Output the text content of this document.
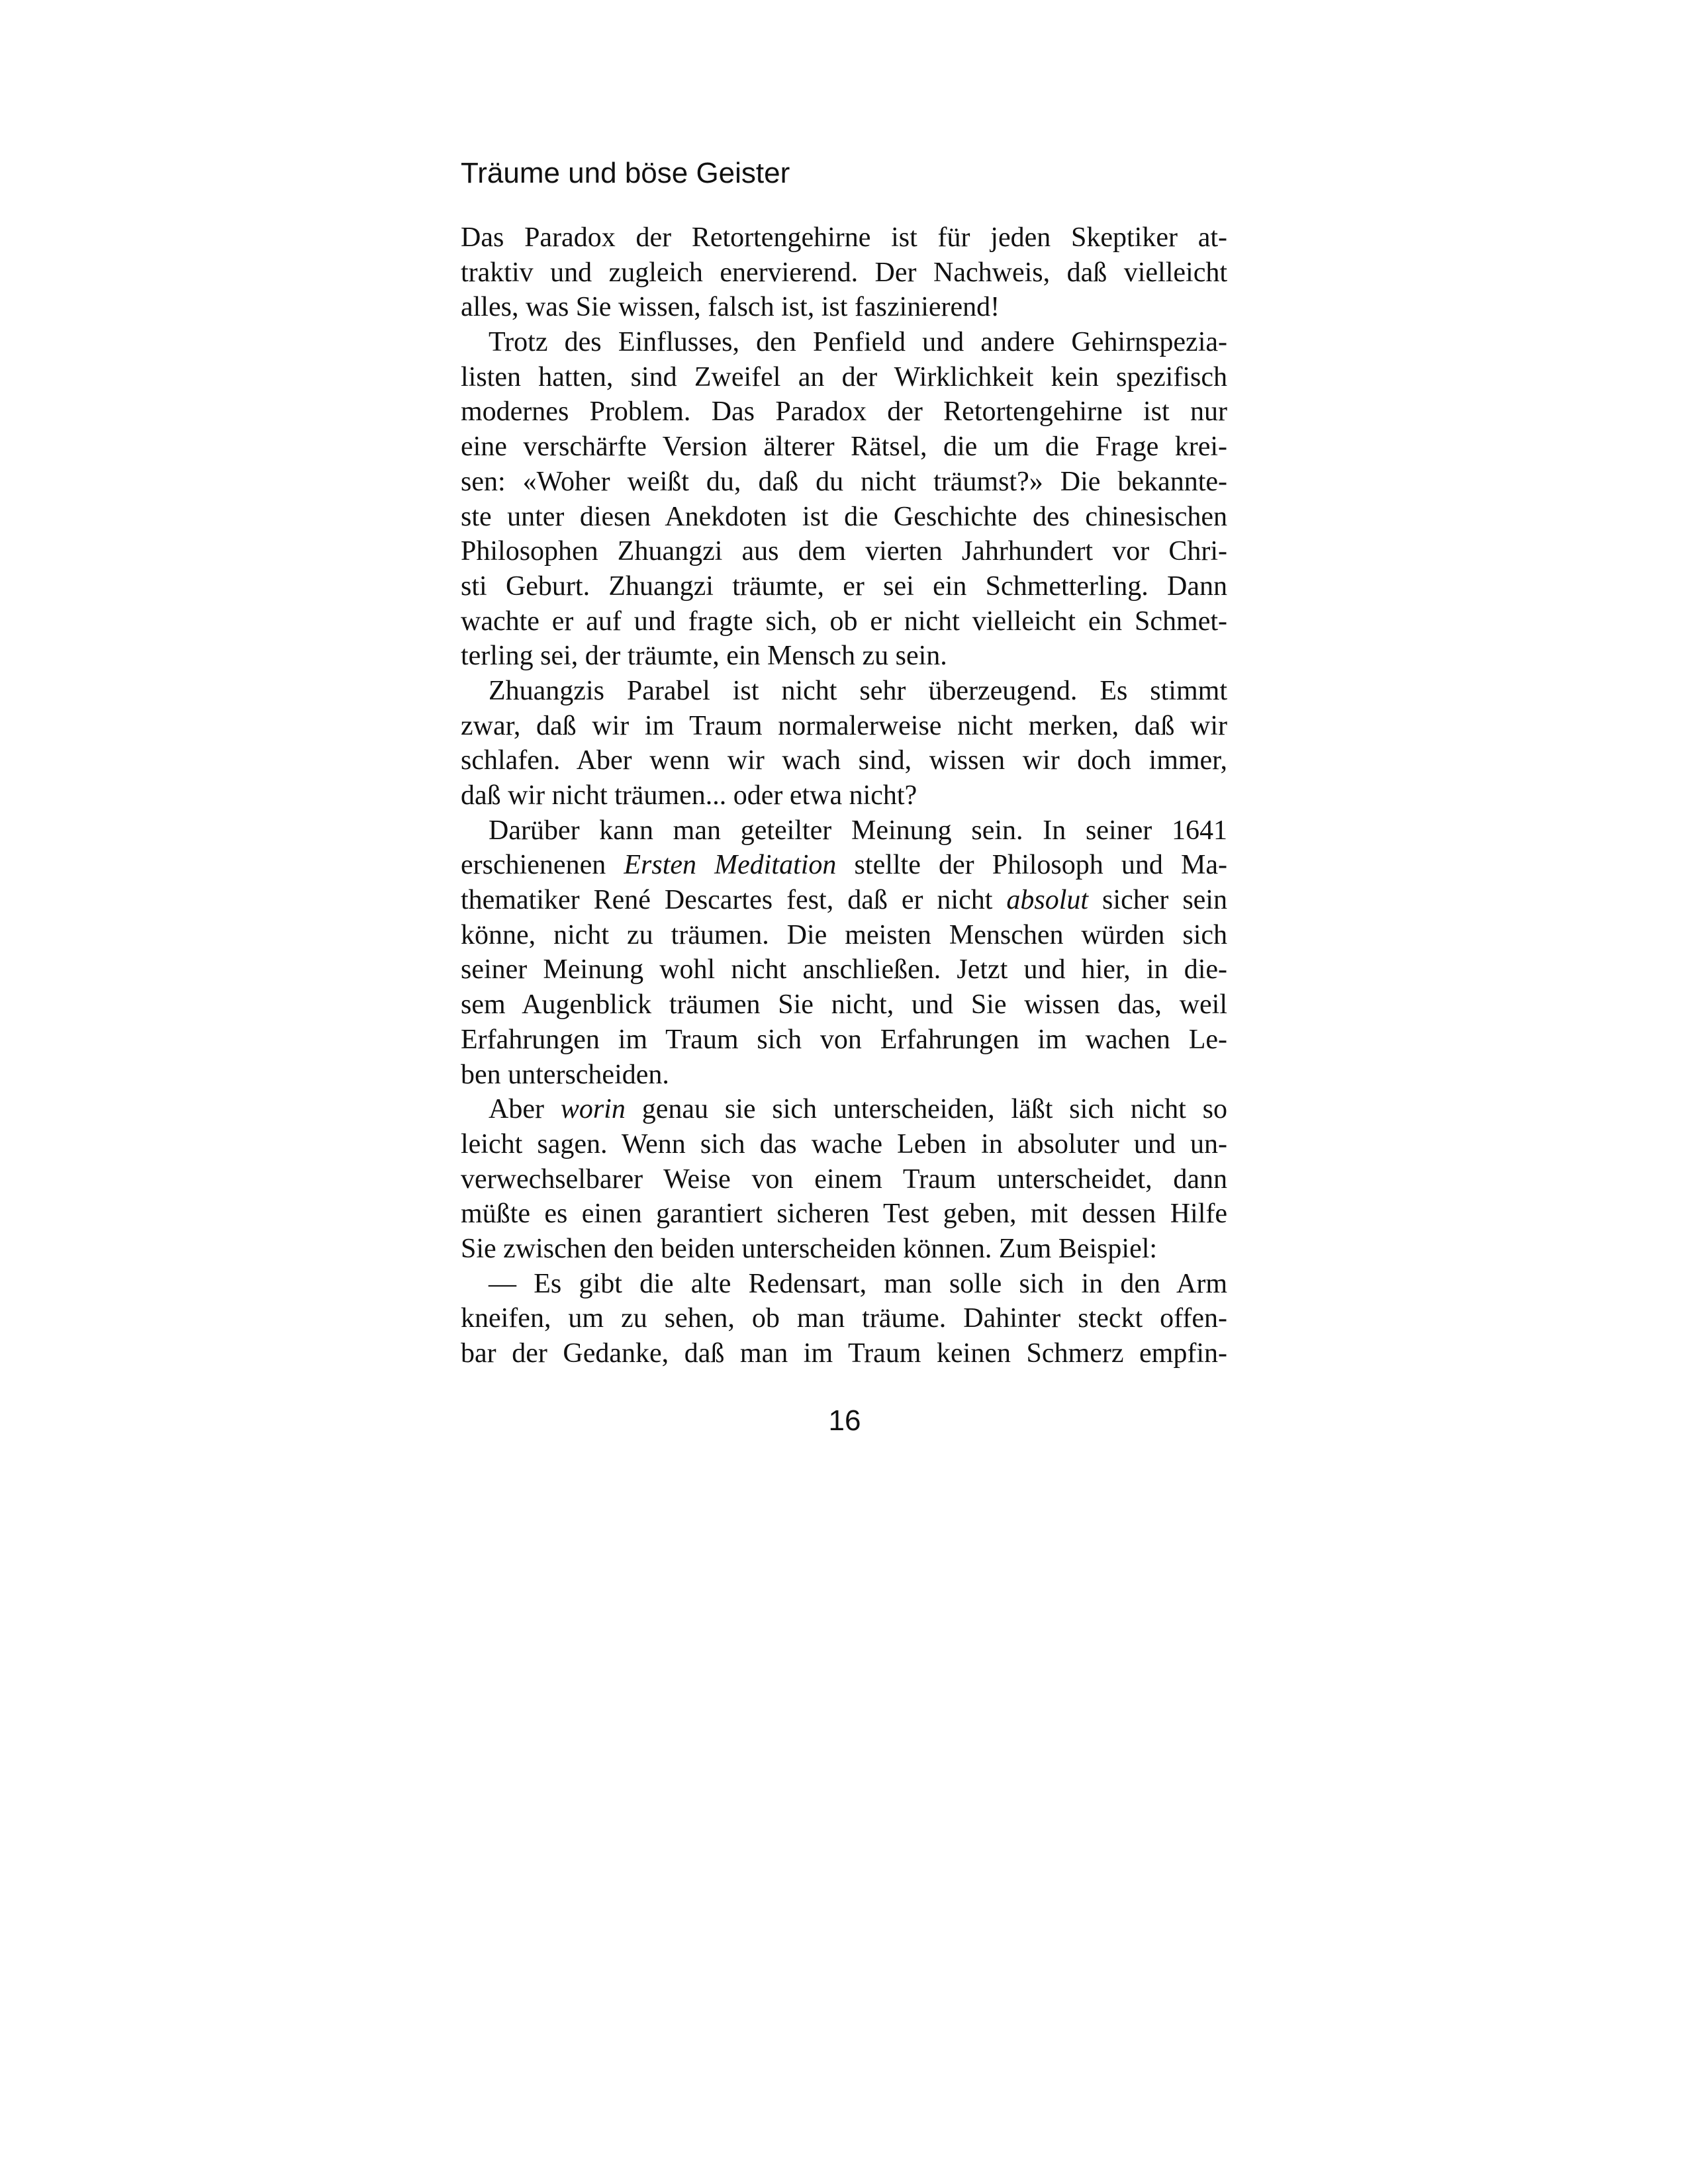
Träume und böse Geister
Das Paradox der Retortengehirne ist für jeden Skeptiker at-
traktiv und zugleich enervierend. Der Nachweis, daß vielleicht
alles, was Sie wissen, falsch ist, ist faszinierend!
Trotz des Einflusses, den Penfield und andere Gehirnspezia-
listen hatten, sind Zweifel an der Wirklichkeit kein spezifisch
modernes Problem. Das Paradox der Retortengehirne ist nur
eine verschärfte Version älterer Rätsel, die um die Frage krei-
sen: «Woher weißt du, daß du nicht träumst?» Die bekannte-
ste unter diesen Anekdoten ist die Geschichte des chinesischen
Philosophen Zhuangzi aus dem vierten Jahrhundert vor Chri-
sti Geburt. Zhuangzi träumte, er sei ein Schmetterling. Dann
wachte er auf und fragte sich, ob er nicht vielleicht ein Schmet-
terling sei, der träumte, ein Mensch zu sein.
Zhuangzis Parabel ist nicht sehr überzeugend. Es stimmt
zwar, daß wir im Traum normalerweise nicht merken, daß wir
schlafen. Aber wenn wir wach sind, wissen wir doch immer,
daß wir nicht träumen... oder etwa nicht?
Darüber kann man geteilter Meinung sein. In seiner 1641
erschienenen Ersten Meditation stellte der Philosoph und Ma-
thematiker René Descartes fest, daß er nicht absolut sicher sein
könne, nicht zu träumen. Die meisten Menschen würden sich
seiner Meinung wohl nicht anschließen. Jetzt und hier, in die-
sem Augenblick träumen Sie nicht, und Sie wissen das, weil
Erfahrungen im Traum sich von Erfahrungen im wachen Le-
ben unterscheiden.
Aber worin genau sie sich unterscheiden, läßt sich nicht so
leicht sagen. Wenn sich das wache Leben in absoluter und un-
verwechselbarer Weise von einem Traum unterscheidet, dann
müßte es einen garantiert sicheren Test geben, mit dessen Hilfe
Sie zwischen den beiden unterscheiden können. Zum Beispiel:
— Es gibt die alte Redensart, man solle sich in den Arm
kneifen, um zu sehen, ob man träume. Dahinter steckt offen-
bar der Gedanke, daß man im Traum keinen Schmerz empfin-
16
